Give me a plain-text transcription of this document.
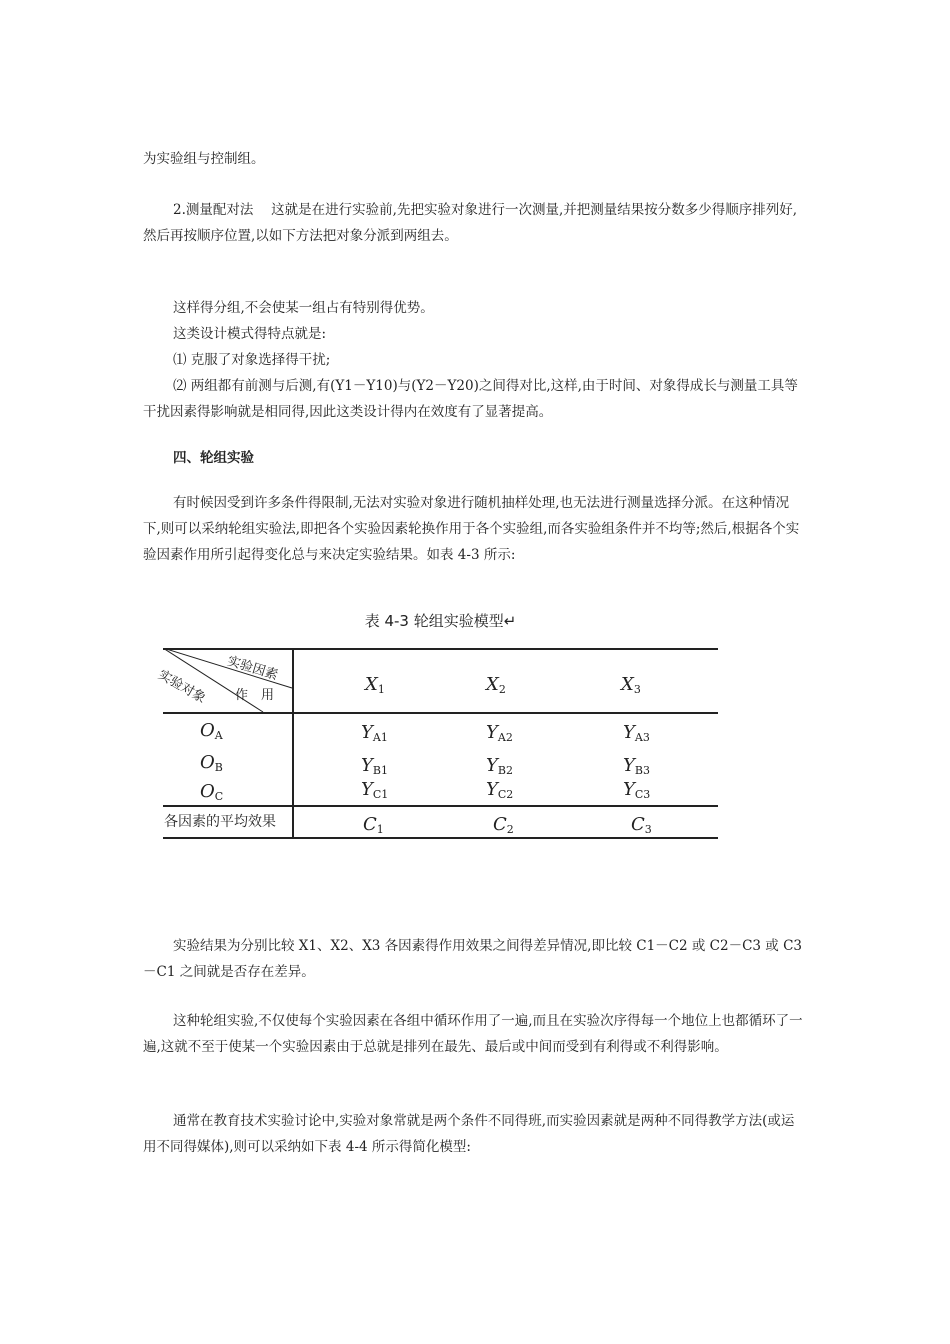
为实验组与控制组。

2.测量配对法　 这就是在进行实验前,先把实验对象进行一次测量,并把测量结果按分数多少得顺序排列好,然后再按顺序位置,以如下方法把对象分派到两组去。

这样得分组,不会使某一组占有特别得优势。

这类设计模式得特点就是:

⑴ 克服了对象选择得干扰;

⑵ 两组都有前测与后测,有(Y1－Y10)与(Y2－Y20)之间得对比,这样,由于时间、对象得成长与测量工具等干扰因素得影响就是相同得,因此这类设计得内在效度有了显著提高。

四、轮组实验

有时候因受到许多条件得限制,无法对实验对象进行随机抽样处理,也无法进行测量选择分派。在这种情况下,则可以采纳轮组实验法,即把各个实验因素轮换作用于各个实验组,而各实验组条件并不均等;然后,根据各个实验因素作用所引起得变化总与来决定实验结果。如表 4-3 所示:

表 4-3 轮组实验模型↵
实验因素
作　用
实验对象	$X_1$	$X_2$	$X_3$
$O_A$	$Y_{A1}$	$Y_{A2}$	$Y_{A3}$
$O_B$	$Y_{B1}$	$Y_{B2}$	$Y_{B3}$
$O_C$	$Y_{C1}$	$Y_{C2}$	$Y_{C3}$
各因素的平均效果	$C_1$	$C_2$	$C_3$

实验结果为分别比较 X1、X2、X3 各因素得作用效果之间得差异情况,即比较 C1－C2 或 C2－C3 或 C3－C1 之间就是否存在差异。

这种轮组实验,不仅使每个实验因素在各组中循环作用了一遍,而且在实验次序得每一个地位上也都循环了一遍,这就不至于使某一个实验因素由于总就是排列在最先、最后或中间而受到有利得或不利得影响。

通常在教育技术实验讨论中,实验对象常就是两个条件不同得班,而实验因素就是两种不同得教学方法(或运用不同得媒体),则可以采纳如下表 4-4 所示得简化模型:
